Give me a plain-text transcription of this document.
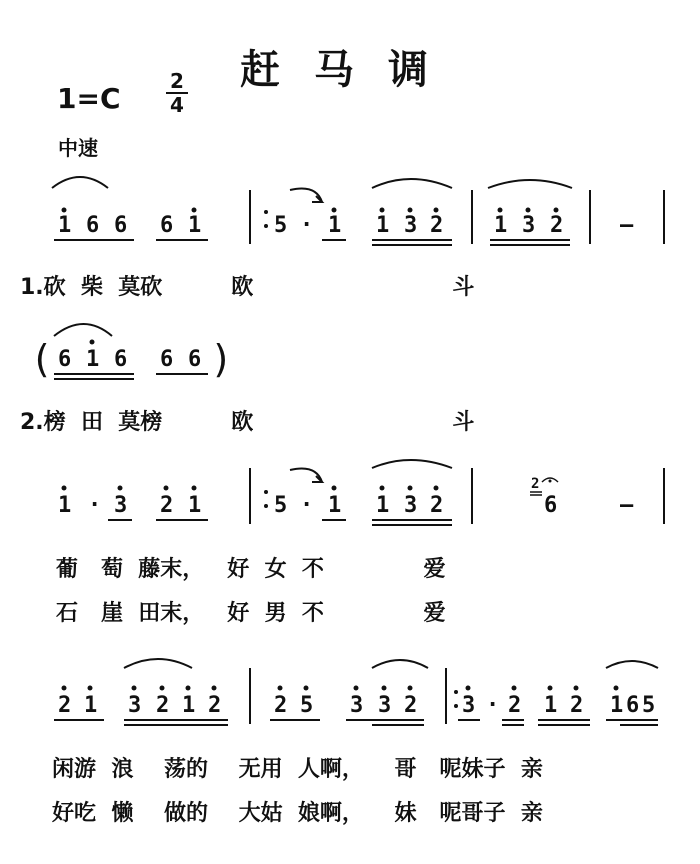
赶马调
1=C
2
4
中速
1 6 6 6 1	5 · 1 1 3 2 1 3 2	—
( 6 1 6 6 6 )
1 · 3 2 1	5 · 1 1 3 2
2
6	—
2 1 3 2 1 2 2 5 3 3 2 3 · 2 1 2 1 6 5
1.砍  柴  莫砍         欧                          斗
2.榜  田  莫榜         欧                          斗
葡   萄  藤末，   好  女  不             爱
石   崖  田末，   好  男  不             爱
闲游  浪    荡的    无用  人啊，    哥   呢妹子  亲
好吃  懒    做的    大姑  娘啊，    妹   呢哥子  亲
